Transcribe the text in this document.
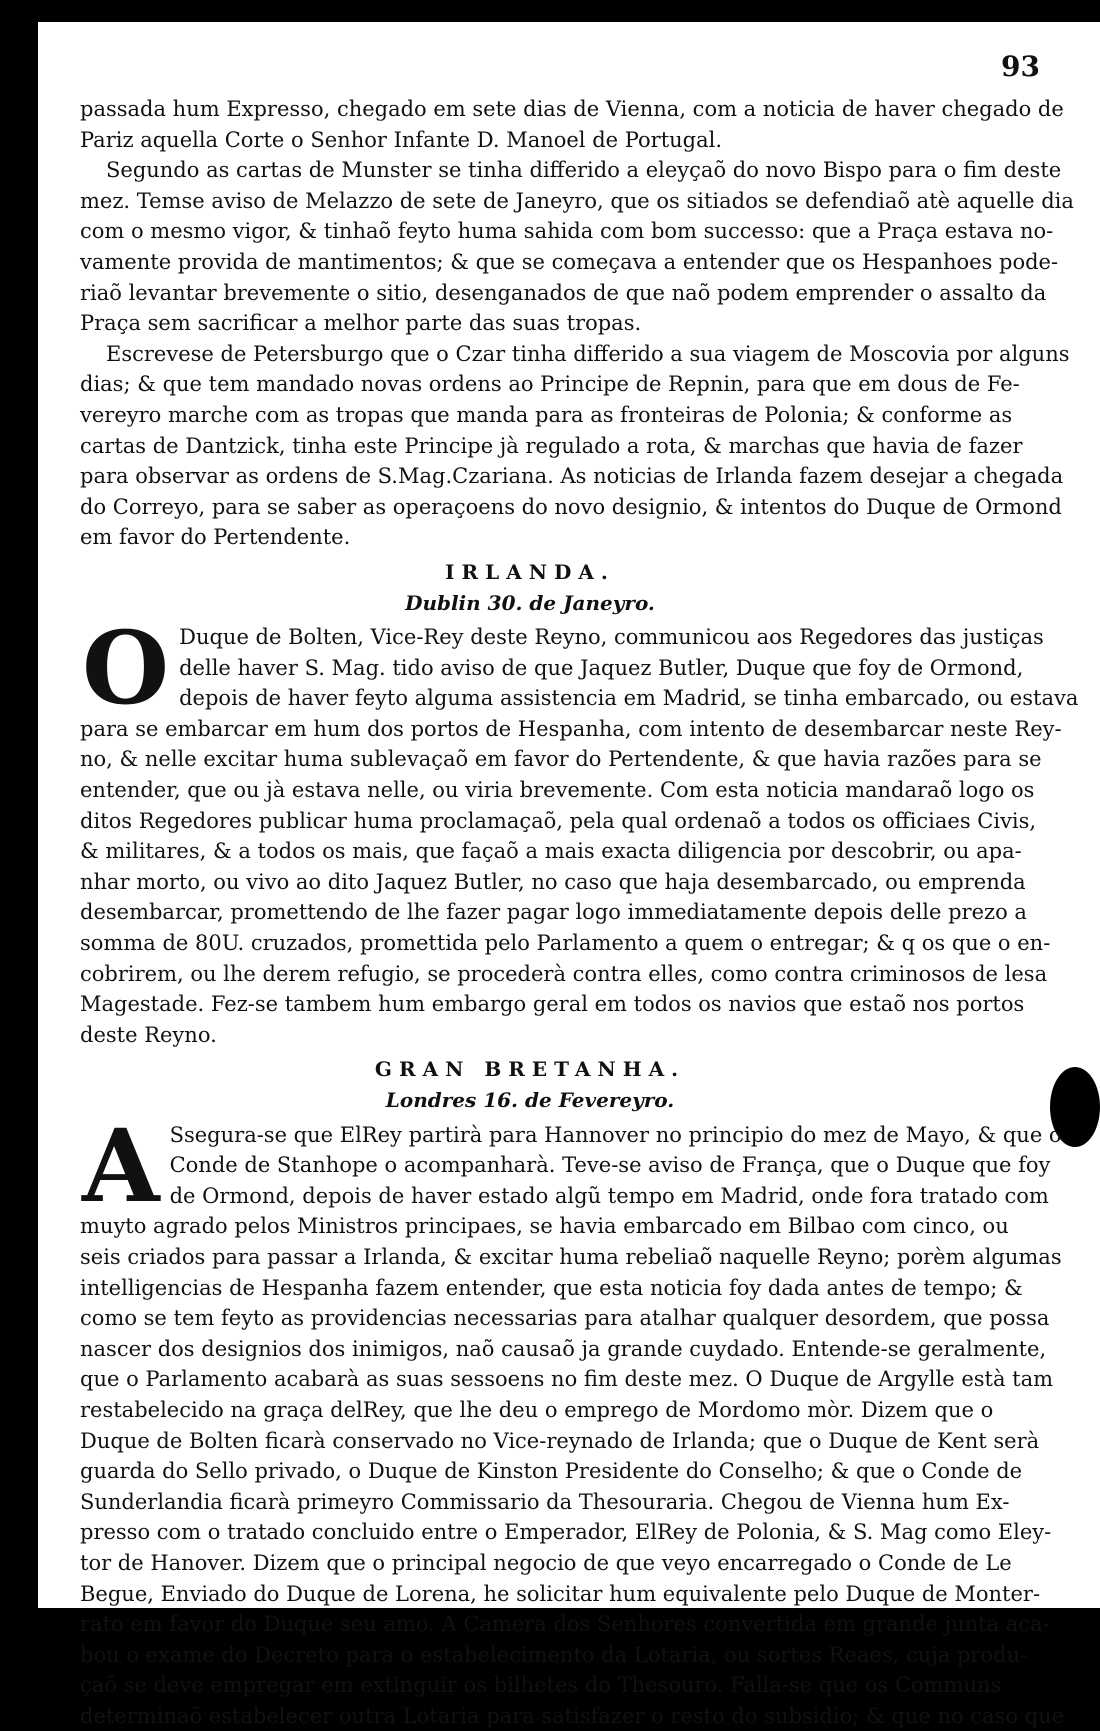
93
passada hum Expresso, chegado em sete dias de Vienna, com a noticia de haver chegado de
Pariz aquella Corte o Senhor Infante D. Manoel de Portugal.
Segundo as cartas de Munster se tinha differido a eleyçaõ do novo Bispo para o fim deste
mez. Temse aviso de Melazzo de sete de Janeyro, que os sitiados se defendiaõ atè aquelle dia
com o mesmo vigor, & tinhaõ feyto huma sahida com bom successo: que a Praça estava no-
vamente provida de mantimentos; & que se começava a entender que os Hespanhoes pode-
riaõ levantar brevemente o sitio, desenganados de que naõ podem emprender o assalto da
Praça sem sacrificar a melhor parte das suas tropas.
Escrevese de Petersburgo que o Czar tinha differido a sua viagem de Moscovia por alguns
dias; & que tem mandado novas ordens ao Principe de Repnin, para que em dous de Fe-
vereyro marche com as tropas que manda para as fronteiras de Polonia; & conforme as
cartas de Dantzick, tinha este Principe jà regulado a rota, & marchas que havia de fazer
para observar as ordens de S.Mag.Czariana. As noticias de Irlanda fazem desejar a chegada
do Correyo, para se saber as operaçoens do novo designio, & intentos do Duque de Ormond
em favor do Pertendente.
IRLANDA.
Dublin 30. de Janeyro.
O Duque de Bolten, Vice-Rey deste Reyno, communicou aos Regedores das justiças
delle haver S. Mag. tido aviso de que Jaquez Butler, Duque que foy de Ormond,
depois de haver feyto alguma assistencia em Madrid, se tinha embarcado, ou estava
para se embarcar em hum dos portos de Hespanha, com intento de desembarcar neste Rey-
no, & nelle excitar huma sublevaçaõ em favor do Pertendente, & que havia razões para se
entender, que ou jà estava nelle, ou viria brevemente. Com esta noticia mandaraõ logo os
ditos Regedores publicar huma proclamaçaõ, pela qual ordenaõ a todos os officiaes Civis,
& militares, & a todos os mais, que façaõ a mais exacta diligencia por descobrir, ou apa-
nhar morto, ou vivo ao dito Jaquez Butler, no caso que haja desembarcado, ou emprenda
desembarcar, promettendo de lhe fazer pagar logo immediatamente depois delle prezo a
somma de 80U. cruzados, promettida pelo Parlamento a quem o entregar; & q os que o en-
cobrirem, ou lhe derem refugio, se procederà contra elles, como contra criminosos de lesa
Magestade. Fez-se tambem hum embargo geral em todos os navios que estaõ nos portos
deste Reyno.
GRAN BRETANHA.
Londres 16. de Fevereyro.
A Ssegura-se que ElRey partirà para Hannover no principio do mez de Mayo, & que o
Conde de Stanhope o acompanharà. Teve-se aviso de França, que o Duque que foy
de Ormond, depois de haver estado algũ tempo em Madrid, onde fora tratado com
muyto agrado pelos Ministros principaes, se havia embarcado em Bilbao com cinco, ou
seis criados para passar a Irlanda, & excitar huma rebeliaõ naquelle Reyno; porèm algumas
intelligencias de Hespanha fazem entender, que esta noticia foy dada antes de tempo; &
como se tem feyto as providencias necessarias para atalhar qualquer desordem, que possa
nascer dos designios dos inimigos, naõ causaõ ja grande cuydado. Entende-se geralmente,
que o Parlamento acabarà as suas sessoens no fim deste mez. O Duque de Argylle està tam
restabelecido na graça delRey, que lhe deu o emprego de Mordomo mòr. Dizem que o
Duque de Bolten ficarà conservado no Vice-reynado de Irlanda; que o Duque de Kent serà
guarda do Sello privado, o Duque de Kinston Presidente do Conselho; & que o Conde de
Sunderlandia ficarà primeyro Commissario da Thesouraria. Chegou de Vienna hum Ex-
presso com o tratado concluido entre o Emperador, ElRey de Polonia, & S. Mag como Eley-
tor de Hanover. Dizem que o principal negocio de que veyo encarregado o Conde de Le
Begue, Enviado do Duque de Lorena, he solicitar hum equivalente pelo Duque de Monter-
rato em favor do Duque seu amo. A Camera dos Senhores convertida em grande junta aca-
bou o exame do Decreto para o estabelecimento da Lotaria, ou sortes Reaes, cuja produ-
çaõ se deve empregar em extinguir os bilhetes do Thesouro. Falla-se que os Communs
determinaõ estabelecer outra Lotaria para satisfazer o resto do subsidio; & que no caso que
